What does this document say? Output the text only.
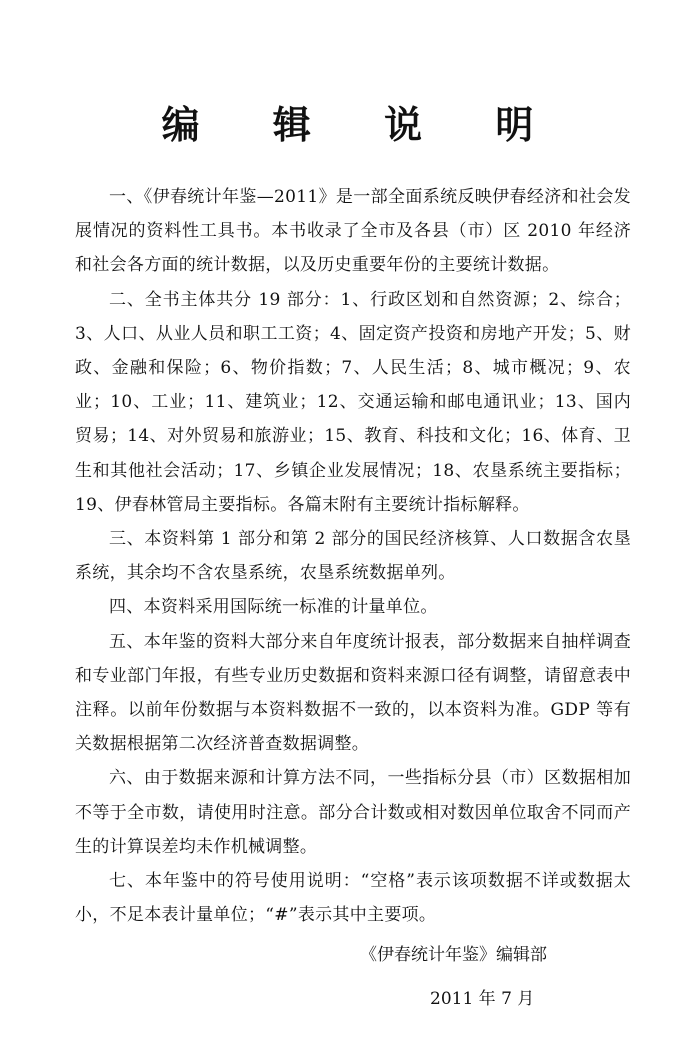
编 辑 说 明

一、《伊春统计年鉴—2011》是一部全面系统反映伊春经济和社会发展情况的资料性工具书。本书收录了全市及各县（市）区 2010 年经济和社会各方面的统计数据，以及历史重要年份的主要统计数据。

二、全书主体共分 19 部分：1、行政区划和自然资源；2、综合；3、人口、从业人员和职工工资；4、固定资产投资和房地产开发；5、财政、金融和保险；6、物价指数；7、人民生活；8、城市概况；9、农业；10、工业；11、建筑业；12、交通运输和邮电通讯业；13、国内贸易；14、对外贸易和旅游业；15、教育、科技和文化；16、体育、卫生和其他社会活动；17、乡镇企业发展情况；18、农垦系统主要指标；19、伊春林管局主要指标。各篇末附有主要统计指标解释。

三、本资料第 1 部分和第 2 部分的国民经济核算、人口数据含农垦系统，其余均不含农垦系统，农垦系统数据单列。

四、本资料采用国际统一标准的计量单位。

五、本年鉴的资料大部分来自年度统计报表，部分数据来自抽样调查和专业部门年报，有些专业历史数据和资料来源口径有调整，请留意表中注释。以前年份数据与本资料数据不一致的，以本资料为准。GDP 等有关数据根据第二次经济普查数据调整。

六、由于数据来源和计算方法不同，一些指标分县（市）区数据相加不等于全市数，请使用时注意。部分合计数或相对数因单位取舍不同而产生的计算误差均未作机械调整。

七、本年鉴中的符号使用说明：“空格”表示该项数据不详或数据太小，不足本表计量单位；“#”表示其中主要项。

《伊春统计年鉴》编辑部

2011 年 7 月
